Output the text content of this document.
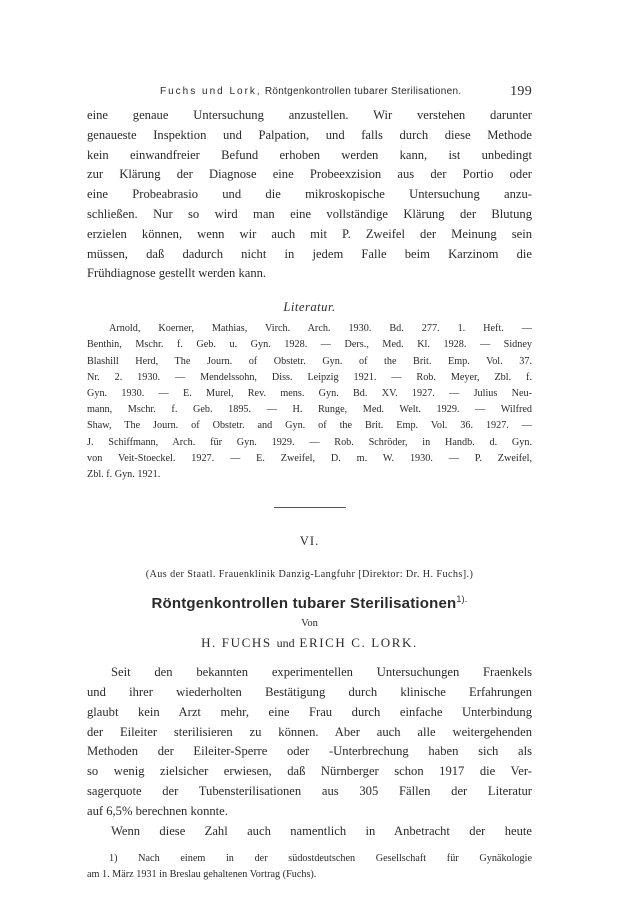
Fuchs und Lork, Röntgenkontrollen tubarer Sterilisationen.	199
eine genaue Untersuchung anzustellen. Wir verstehen darunter
genaueste Inspektion und Palpation, und falls durch diese Methode
kein einwandfreier Befund erhoben werden kann, ist unbedingt
zur Klärung der Diagnose eine Probeexzision aus der Portio oder
eine Probeabrasio und die mikroskopische Untersuchung anzu-
schließen. Nur so wird man eine vollständige Klärung der Blutung
erzielen können, wenn wir auch mit P. Zweifel der Meinung sein
müssen, daß dadurch nicht in jedem Falle beim Karzinom die
Frühdiagnose gestellt werden kann.
Literatur.
Arnold, Koerner, Mathias, Virch. Arch. 1930. Bd. 277. 1. Heft. —
Benthin, Mschr. f. Geb. u. Gyn. 1928. — Ders., Med. Kl. 1928. — Sidney
Blashill Herd, The Journ. of Obstetr. Gyn. of the Brit. Emp. Vol. 37.
Nr. 2. 1930. — Mendelssohn, Diss. Leipzig 1921. — Rob. Meyer, Zbl. f.
Gyn. 1930. — E. Murel, Rev. mens. Gyn. Bd. XV. 1927. — Julius Neu-
mann, Mschr. f. Geb. 1895. — H. Runge, Med. Welt. 1929. — Wilfred
Shaw, The Journ. of Obstetr. and Gyn. of the Brit. Emp. Vol. 36. 1927. —
J. Schiffmann, Arch. für Gyn. 1929. — Rob. Schröder, in Handb. d. Gyn.
von Veit-Stoeckel. 1927. — E. Zweifel, D. m. W. 1930. — P. Zweifel,
Zbl. f. Gyn. 1921.
VI.
(Aus der Staatl. Frauenklinik Danzig-Langfuhr [Direktor: Dr. H. Fuchs].)
Röntgenkontrollen tubarer Sterilisationen$^{1).}$
Von
H. FUCHS und ERICH C. LORK.
Seit den bekannten experimentellen Untersuchungen Fraenkels
und ihrer wiederholten Bestätigung durch klinische Erfahrungen
glaubt kein Arzt mehr, eine Frau durch einfache Unterbindung
der Eileiter sterilisieren zu können. Aber auch alle weitergehenden
Methoden der Eileiter-Sperre oder -Unterbrechung haben sich als
so wenig zielsicher erwiesen, daß Nürnberger schon 1917 die Ver-
sagerquote der Tubensterilisationen aus 305 Fällen der Literatur
auf 6,5% berechnen konnte.
Wenn diese Zahl auch namentlich in Anbetracht der heute
1) Nach einem in der südostdeutschen Gesellschaft für Gynäkologie
am 1. März 1931 in Breslau gehaltenen Vortrag (Fuchs).
